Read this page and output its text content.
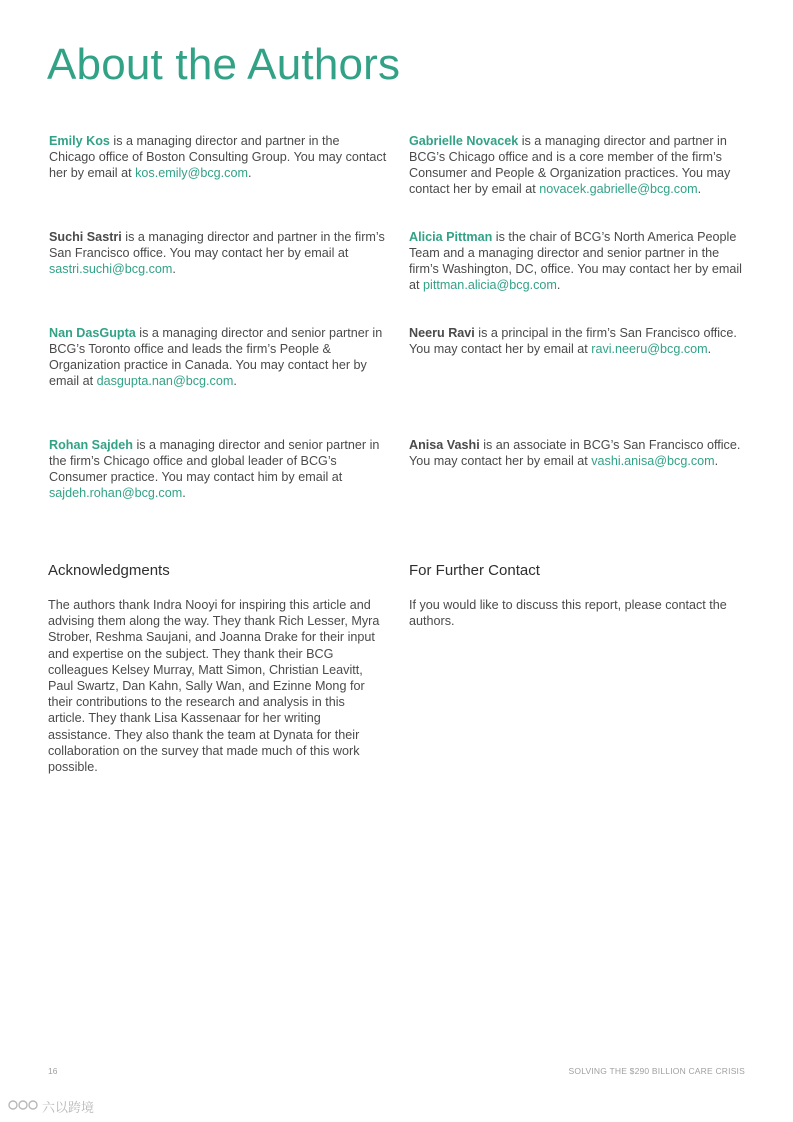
About the Authors

Emily Kos is a managing director and partner in the Chicago office of Boston Consulting Group. You may contact her by email at kos.emily@bcg.com.

Suchi Sastri is a managing director and partner in the firm’s San Francisco office. You may contact her by email at sastri.suchi@bcg.com.

Nan DasGupta is a managing director and senior partner in BCG’s Toronto office and leads the firm’s People & Organization practice in Canada. You may contact her by email at dasgupta.nan@bcg.com.

Rohan Sajdeh is a managing director and senior partner in the firm’s Chicago office and global leader of BCG’s Consumer practice. You may contact him by email at sajdeh.rohan@bcg.com.

Gabrielle Novacek is a managing director and partner in BCG’s Chicago office and is a core member of the firm’s Consumer and People & Organization practices. You may contact her by email at novacek.gabrielle@bcg.com.

Alicia Pittman is the chair of BCG’s North America People Team and a managing director and senior partner in the firm’s Washington, DC, office. You may contact her by email at pittman.alicia@bcg.com.

Neeru Ravi is a principal in the firm’s San Francisco office. You may contact her by email at ravi.neeru@bcg.com.

Anisa Vashi is an associate in BCG’s San Francisco office. You may contact her by email at vashi.anisa@bcg.com.

Acknowledgments

The authors thank Indra Nooyi for inspiring this article and advising them along the way. They thank Rich Lesser, Myra Strober, Reshma Saujani, and Joanna Drake for their input and expertise on the subject. They thank their BCG colleagues Kelsey Murray, Matt Simon, Christian Leavitt, Paul Swartz, Dan Kahn, Sally Wan, and Ezinne Mong for their contributions to the research and analysis in this article. They thank Lisa Kassenaar for her writing assistance. They also thank the team at Dynata for their collaboration on the survey that made much of this work possible.

For Further Contact

If you would like to discuss this report, please contact the authors.

16	SOLVING THE $290 BILLION CARE CRISIS
六以跨境
